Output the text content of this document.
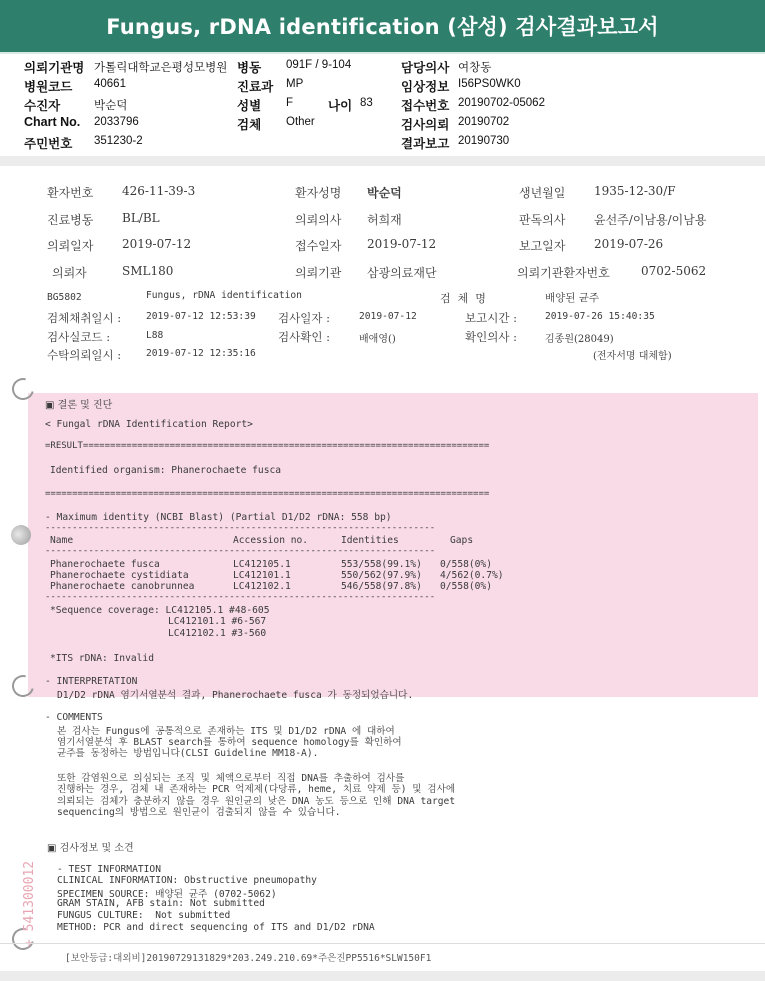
Fungus, rDNA identification (삼성) 검사결과보고서
의뢰기관명 가톨릭대학교은평성모병원 병동 091F / 9-104	담당의사 여창동
병원코드 40661	진료과 MP	임상정보 I56PS0WK0
수진자	박순덕	성별 F	나이 83 접수번호 20190702-05062
Chart No. 2033796	검체 Other	검사의뢰 20190702
주민번호 351230-2	결과보고 20190730
환자번호 426-11-39-3	환자성명 박순덕	생년월일 1935-12-30/F
진료병동 BL/BL	의뢰의사 허희재	판독의사 윤선주/이남용/이남용
의뢰일자 2019-07-12	접수일자 2019-07-12	보고일자 2019-07-26
의뢰자	SML180	의뢰기관 삼광의료재단	의뢰기관환자번호	0702-5062
BG5802	Fungus, rDNA identification	검  체  명	배양된 균주
검체채취일시 :	2019-07-12 12:53:39 검사일자 :	2019-07-12	보고시간 :	2019-07-26 15:40:35
검사실코드 :	L88	검사확인 :	배애영()	확인의사 :	김종원(28049)
수탁의뢰일시 :	2019-07-12 12:35:16	(전자서명 대체함)
▣ 결론 및 진단
< Fungal rDNA Identification Report>
=RESULT===========================================================================
Identified organism: Phanerochaete fusca
==================================================================================
- Maximum identity (NCBI Blast) (Partial D1/D2 rDNA: 558 bp)
------------------------------------------------------------------------
Name	Accession no.	Identities	Gaps
------------------------------------------------------------------------
Phanerochaete fusca	LC412105.1	553/558(99.1%) 0/558(0%)
Phanerochaete cystidiata	LC412101.1	550/562(97.9%) 4/562(0.7%)
Phanerochaete canobrunnea	LC412102.1	546/558(97.8%) 0/558(0%)
------------------------------------------------------------------------
*Sequence coverage: LC412105.1 #48-605
LC412101.1 #6-567
LC412102.1 #3-560
*ITS rDNA: Invalid
- INTERPRETATION
D1/D2 rDNA 염기서열분석 결과, Phanerochaete fusca 가 동정되었습니다.
- COMMENTS
본 검사는 Fungus에 공통적으로 존재하는 ITS 및 D1/D2 rDNA 에 대하여
염기서열분석 후 BLAST search를 통하여 sequence homology를 확인하여
균주를 동정하는 방법입니다(CLSI Guideline MM18-A).
또한 감염원으로 의심되는 조직 및 체액으로부터 직접 DNA를 추출하여 검사를
진행하는 경우, 검체 내 존재하는 PCR 억제제(다당류, heme, 치료 약제 등) 및 검사에
의뢰되는 검체가 충분하지 않을 경우 원인균의 낮은 DNA 농도 등으로 인해 DNA target
sequencing의 방법으로 원인균이 검출되지 않을 수 있습니다.
▣ 검사정보 및 소견
- TEST INFORMATION
CLINICAL INFORMATION: Obstructive pneumopathy
SPECIMEN SOURCE: 배양된 균주 (0702-5062)
GRAM STAIN, AFB stain: Not submitted
FUNGUS CULTURE:  Not submitted
METHOD: PCR and direct sequencing of ITS and D1/D2 rDNA
+ 541300012
[보안등급:대외비]20190729131829*203.249.210.69*주은진PP5516*SLW150F1
